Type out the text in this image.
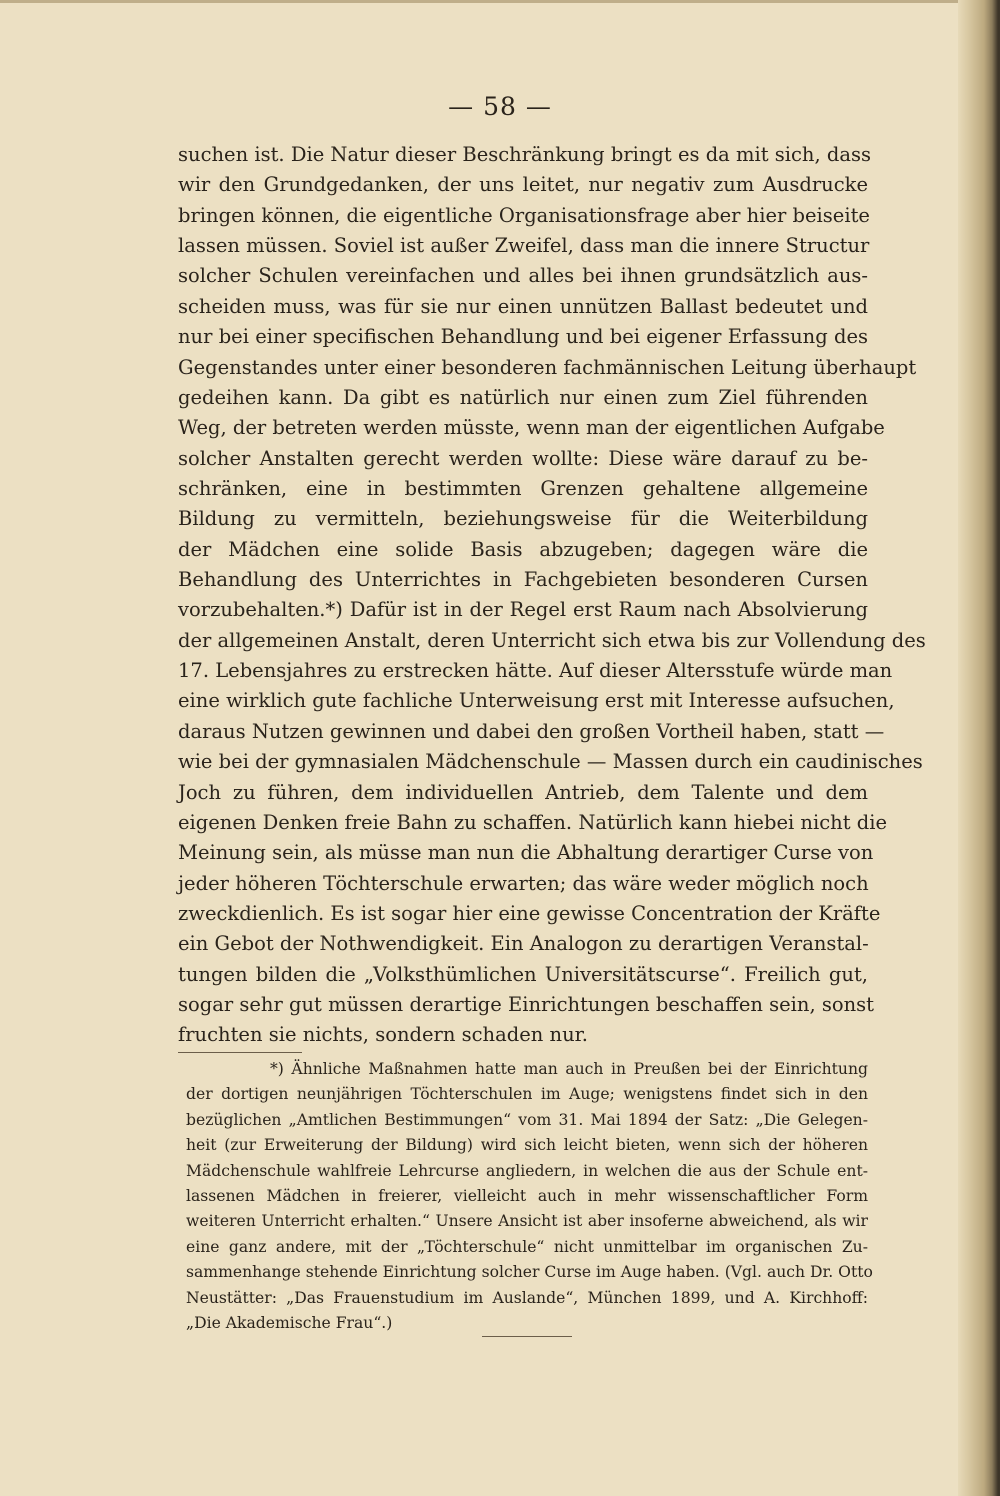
— 58 —
suchen ist. Die Natur dieser Beschränkung bringt es da mit sich, dass
wir den Grundgedanken, der uns leitet, nur negativ zum Ausdrucke
bringen können, die eigentliche Organisationsfrage aber hier beiseite
lassen müssen. Soviel ist außer Zweifel, dass man die innere Structur
solcher Schulen vereinfachen und alles bei ihnen grundsätzlich aus-
scheiden muss, was für sie nur einen unnützen Ballast bedeutet und
nur bei einer specifischen Behandlung und bei eigener Erfassung des
Gegenstandes unter einer besonderen fachmännischen Leitung überhaupt
gedeihen kann. Da gibt es natürlich nur einen zum Ziel führenden
Weg, der betreten werden müsste, wenn man der eigentlichen Aufgabe
solcher Anstalten gerecht werden wollte: Diese wäre darauf zu be-
schränken, eine in bestimmten Grenzen gehaltene allgemeine
Bildung zu vermitteln, beziehungsweise für die Weiterbildung
der Mädchen eine solide Basis abzugeben; dagegen wäre die
Behandlung des Unterrichtes in Fachgebieten besonderen Cursen
vorzubehalten.*) Dafür ist in der Regel erst Raum nach Absolvierung
der allgemeinen Anstalt, deren Unterricht sich etwa bis zur Vollendung des
17. Lebensjahres zu erstrecken hätte. Auf dieser Altersstufe würde man
eine wirklich gute fachliche Unterweisung erst mit Interesse aufsuchen,
daraus Nutzen gewinnen und dabei den großen Vortheil haben, statt —
wie bei der gymnasialen Mädchenschule — Massen durch ein caudinisches
Joch zu führen, dem individuellen Antrieb, dem Talente und dem
eigenen Denken freie Bahn zu schaffen. Natürlich kann hiebei nicht die
Meinung sein, als müsse man nun die Abhaltung derartiger Curse von
jeder höheren Töchterschule erwarten; das wäre weder möglich noch
zweckdienlich. Es ist sogar hier eine gewisse Concentration der Kräfte
ein Gebot der Nothwendigkeit. Ein Analogon zu derartigen Veranstal-
tungen bilden die „Volksthümlichen Universitätscurse“. Freilich gut,
sogar sehr gut müssen derartige Einrichtungen beschaffen sein, sonst
fruchten sie nichts, sondern schaden nur.
*) Ähnliche Maßnahmen hatte man auch in Preußen bei der Einrichtung
der dortigen neunjährigen Töchterschulen im Auge; wenigstens findet sich in den
bezüglichen „Amtlichen Bestimmungen“ vom 31. Mai 1894 der Satz: „Die Gelegen-
heit (zur Erweiterung der Bildung) wird sich leicht bieten, wenn sich der höheren
Mädchenschule wahlfreie Lehrcurse angliedern, in welchen die aus der Schule ent-
lassenen Mädchen in freierer, vielleicht auch in mehr wissenschaftlicher Form
weiteren Unterricht erhalten.“ Unsere Ansicht ist aber insoferne abweichend, als wir
eine ganz andere, mit der „Töchterschule“ nicht unmittelbar im organischen Zu-
sammenhange stehende Einrichtung solcher Curse im Auge haben. (Vgl. auch Dr. Otto
Neustätter: „Das Frauenstudium im Auslande“, München 1899, und A. Kirchhoff:
„Die Akademische Frau“.)
